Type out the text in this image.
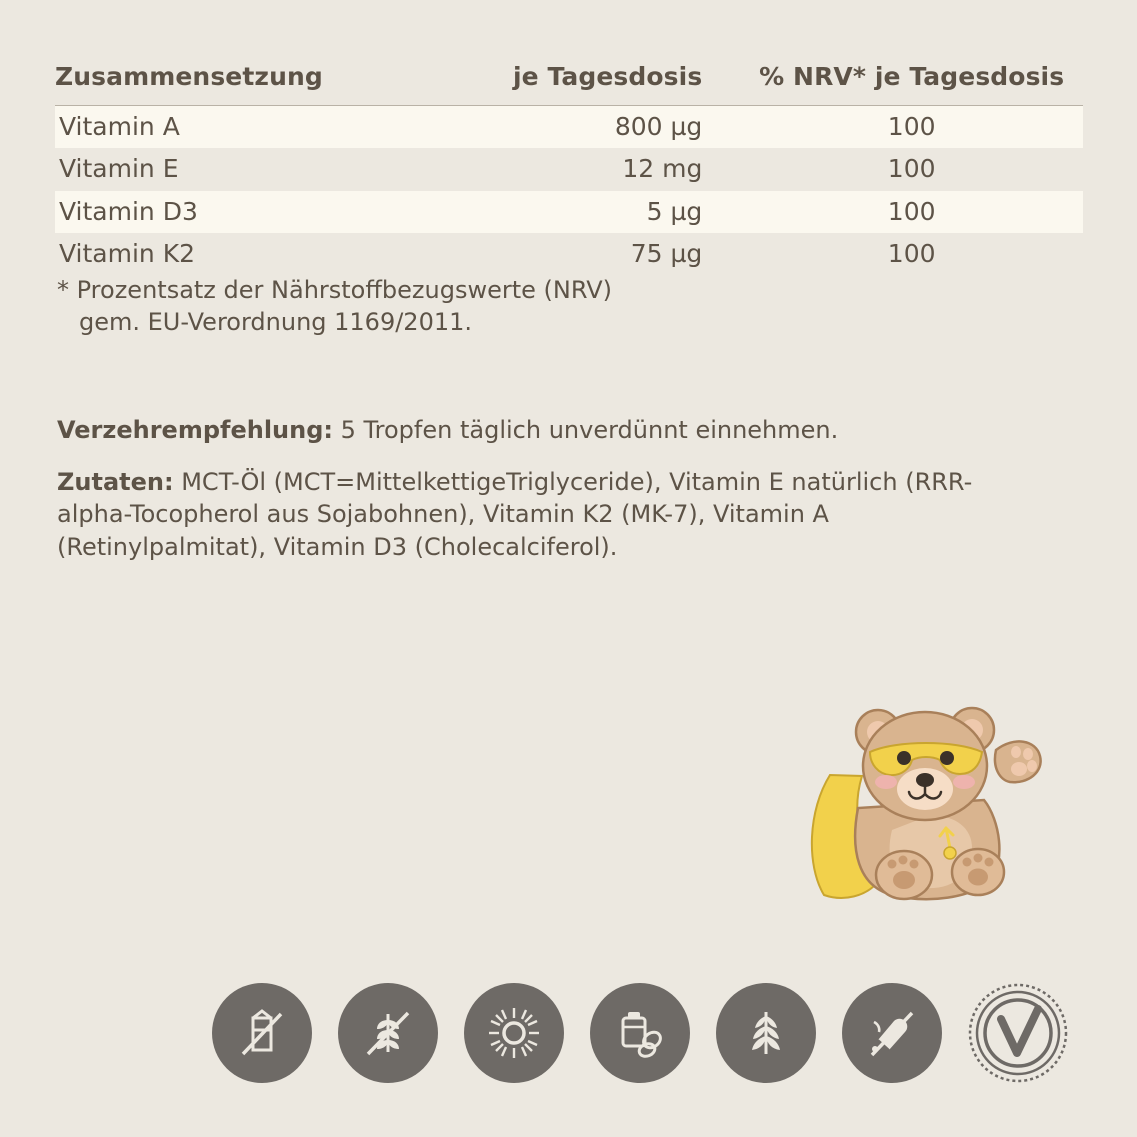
Zusammensetzung	je Tagesdosis	% NRV* je Tagesdosis
Vitamin A	800 µg	100
Vitamin E	12 mg	100
Vitamin D3	5 µg	100
Vitamin K2	75 µg	100
* Prozentsatz der Nährstoffbezugswerte (NRV)
gem. EU-Verordnung 1169/2011.
Verzehrempfehlung: 5 Tropfen täglich unverdünnt einnehmen.
Zutaten: MCT-Öl (MCT=MittelkettigeTriglyceride), Vitamin E natürlich (RRR-alpha-Tocopherol aus Sojabohnen), Vitamin K2 (MK-7), Vitamin A (Retinylpalmitat), Vitamin D3 (Cholecalciferol).
